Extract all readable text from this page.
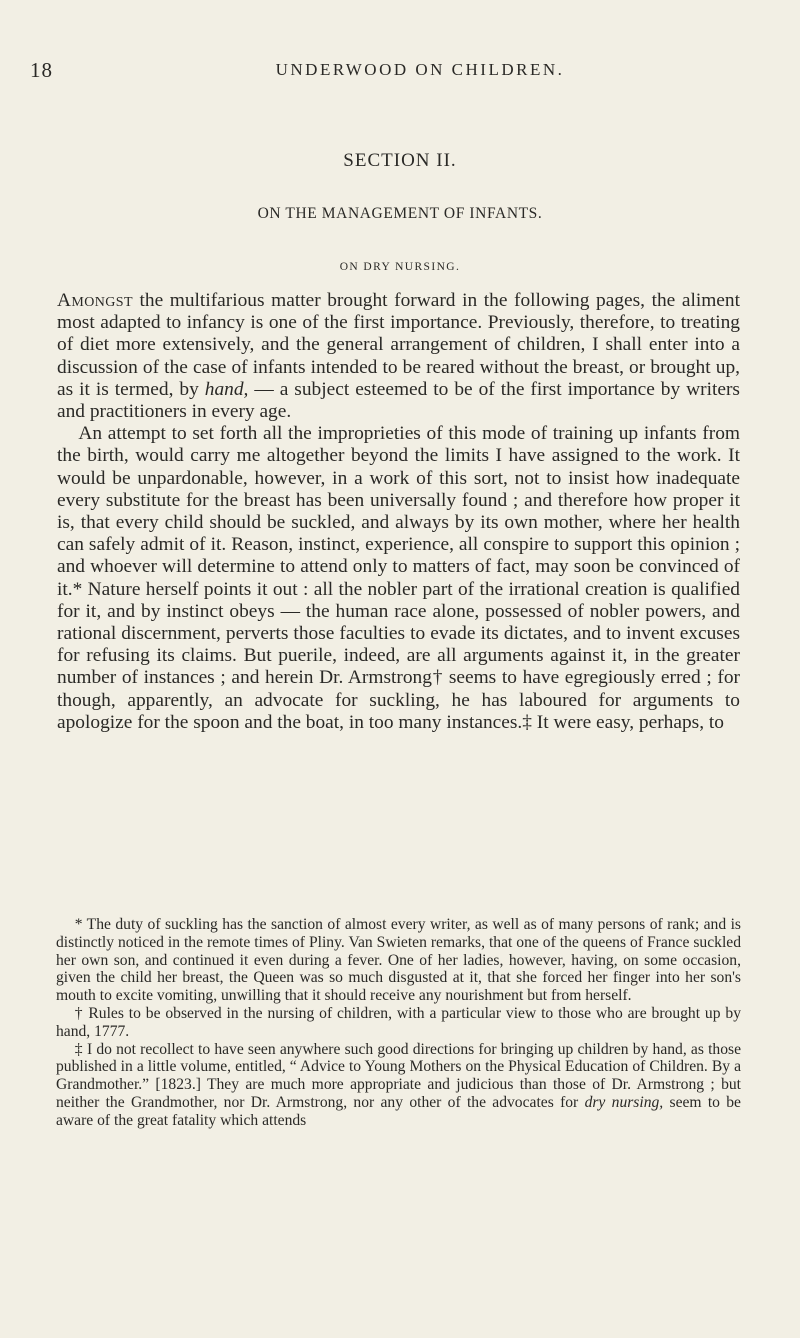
18	UNDERWOOD ON CHILDREN.
SECTION II.
ON THE MANAGEMENT OF INFANTS.
ON DRY NURSING.

Amongst the multifarious matter brought forward in the following pages, the aliment most adapted to infancy is one of the first importance. Previously, therefore, to treating of diet more extensively, and the general arrangement of children, I shall enter into a discussion of the case of infants intended to be reared without the breast, or brought up, as it is termed, by hand, — a subject esteemed to be of the first importance by writers and practitioners in every age.

An attempt to set forth all the improprieties of this mode of training up infants from the birth, would carry me altogether beyond the limits I have assigned to the work. It would be unpardonable, however, in a work of this sort, not to insist how inadequate every substitute for the breast has been universally found ; and therefore how proper it is, that every child should be suckled, and always by its own mother, where her health can safely admit of it. Reason, instinct, experience, all conspire to support this opinion ; and whoever will determine to attend only to matters of fact, may soon be convinced of it.* Nature herself points it out : all the nobler part of the irrational creation is qualified for it, and by instinct obeys — the human race alone, possessed of nobler powers, and rational discernment, perverts those faculties to evade its dictates, and to invent excuses for refusing its claims. But puerile, indeed, are all arguments against it, in the greater number of instances ; and herein Dr. Armstrong† seems to have egregiously erred ; for though, apparently, an advocate for suckling, he has laboured for arguments to apologize for the spoon and the boat, in too many instances.‡ It were easy, perhaps, to

* The duty of suckling has the sanction of almost every writer, as well as of many persons of rank; and is distinctly noticed in the remote times of Pliny. Van Swieten remarks, that one of the queens of France suckled her own son, and continued it even during a fever. One of her ladies, however, having, on some occasion, given the child her breast, the Queen was so much disgusted at it, that she forced her finger into her son's mouth to excite vomiting, unwilling that it should receive any nourishment but from herself.

† Rules to be observed in the nursing of children, with a particular view to those who are brought up by hand, 1777.

‡ I do not recollect to have seen anywhere such good directions for bringing up children by hand, as those published in a little volume, entitled, “ Advice to Young Mothers on the Physical Education of Children. By a Grandmother.” [1823.] They are much more appropriate and judicious than those of Dr. Armstrong ; but neither the Grandmother, nor Dr. Armstrong, nor any other of the advocates for dry nursing, seem to be aware of the great fatality which attends
